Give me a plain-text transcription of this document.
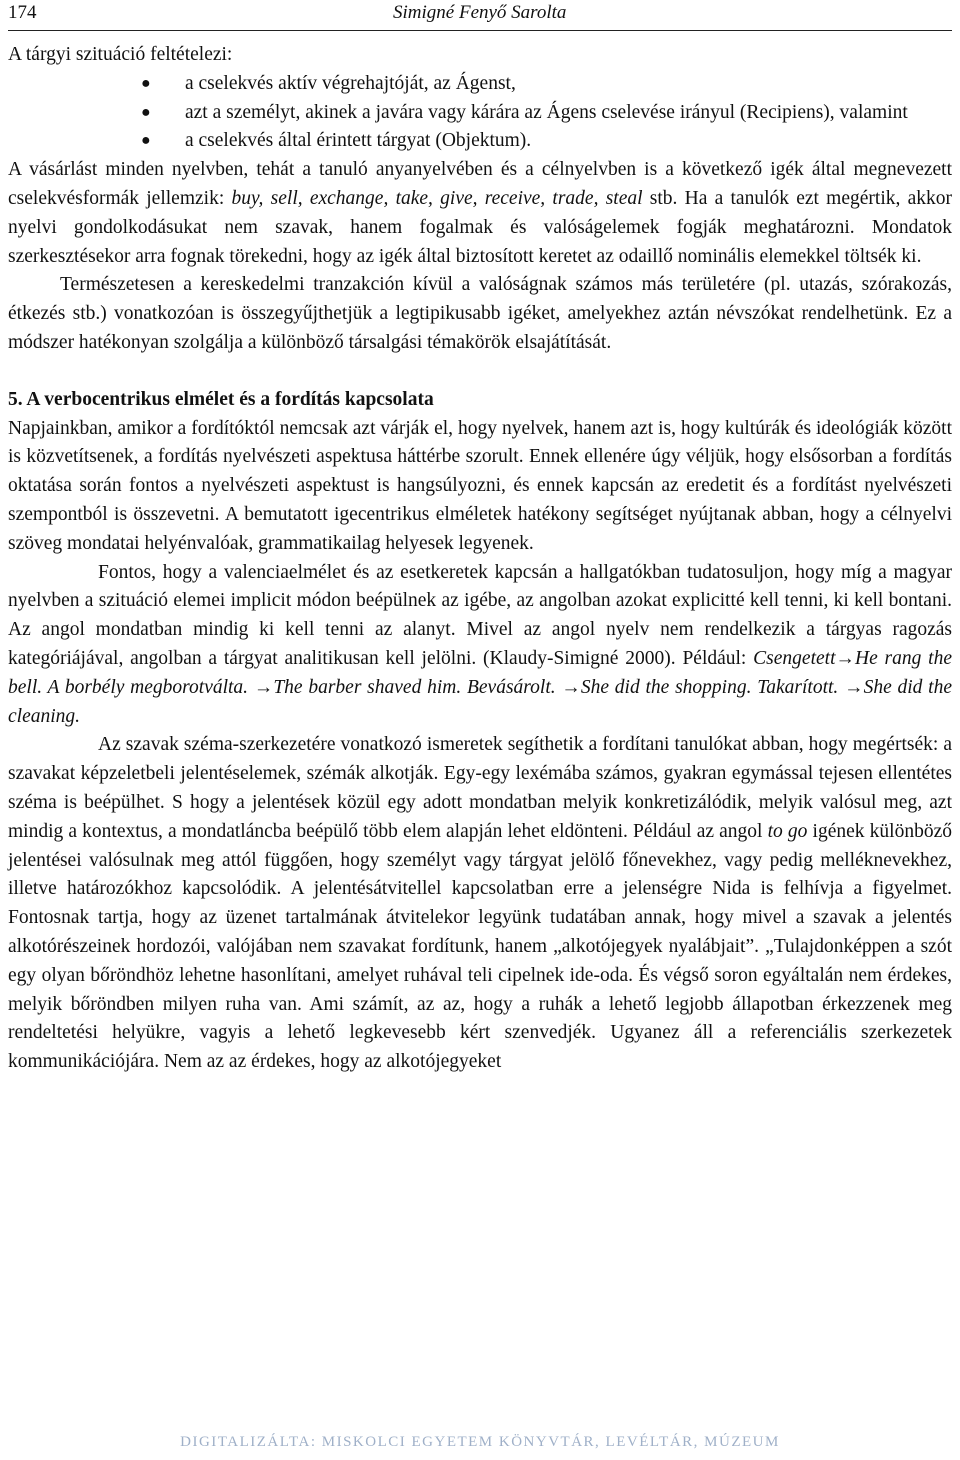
174	Simigné Fenyő Sarolta

A tárgyi szituáció feltételezi:

● a cselekvés aktív végrehajtóját, az Ágenst,
● azt a személyt, akinek a javára vagy kárára az Ágens cselevése irányul (Recipiens), valamint
● a cselekvés által érintett tárgyat (Objektum).

A vásárlást minden nyelvben, tehát a tanuló anyanyelvében és a célnyelvben is a következő igék által megnevezett cselekvésformák jellemzik: buy, sell, exchange, take, give, receive, trade, steal stb. Ha a tanulók ezt megértik, akkor nyelvi gondolkodásukat nem szavak, hanem fogalmak és valóságelemek fogják meghatározni. Mondatok szerkesztésekor arra fognak törekedni, hogy az igék által biztosított keretet az odaillő nominális elemekkel töltsék ki.

Természetesen a kereskedelmi tranzakción kívül a valóságnak számos más területére (pl. utazás, szórakozás, étkezés stb.) vonatkozóan is összegyűjthetjük a legtipikusabb igéket, amelyekhez aztán névszókat rendelhetünk. Ez a módszer hatékonyan szolgálja a különböző társalgási témakörök elsajátítását.

5. A verbocentrikus elmélet és a fordítás kapcsolata

Napjainkban, amikor a fordítóktól nemcsak azt várják el, hogy nyelvek, hanem azt is, hogy kultúrák és ideológiák között is közvetítsenek, a fordítás nyelvészeti aspektusa háttérbe szorult. Ennek ellenére úgy véljük, hogy elsősorban a fordítás oktatása során fontos a nyelvészeti aspektust is hangsúlyozni, és ennek kapcsán az eredetit és a fordítást nyelvészeti szempontból is összevetni. A bemutatott igecentrikus elméletek hatékony segítséget nyújtanak abban, hogy a célnyelvi szöveg mondatai helyénvalóak, grammatikailag helyesek legyenek.

Fontos, hogy a valenciaelmélet és az esetkeretek kapcsán a hallgatókban tudatosuljon, hogy míg a magyar nyelvben a szituáció elemei implicit módon beépülnek az igébe, az angolban azokat explicitté kell tenni, ki kell bontani. Az angol mondatban mindig ki kell tenni az alanyt. Mivel az angol nyelv nem rendelkezik a tárgyas ragozás kategóriájával, angolban a tárgyat analitikusan kell jelölni. (Klaudy-Simigné 2000). Például: Csengetett→He rang the bell. A borbély megborotválta. →The barber shaved him. Bevásárolt. →She did the shopping. Takarított. →She did the cleaning.

Az szavak széma-szerkezetére vonatkozó ismeretek segíthetik a fordítani tanulókat abban, hogy megértsék: a szavakat képzeletbeli jelentéselemek, szémák alkotják. Egy-egy lexémába számos, gyakran egymással tejesen ellentétes széma is beépülhet. S hogy a jelentések közül egy adott mondatban melyik konkretizálódik, melyik valósul meg, azt mindig a kontextus, a mondatláncba beépülő több elem alapján lehet eldönteni. Például az angol to go igének különböző jelentései valósulnak meg attól függően, hogy személyt vagy tárgyat jelölő főnevekhez, vagy pedig melléknevekhez, illetve határozókhoz kapcsolódik. A jelentésátvitellel kapcsolatban erre a jelenségre Nida is felhívja a figyelmet. Fontosnak tartja, hogy az üzenet tartalmának átvitelekor legyünk tudatában annak, hogy mivel a szavak a jelentés alkotórészeinek hordozói, valójában nem szavakat fordítunk, hanem „alkotójegyek nyalábjait”. „Tulajdonképpen a szót egy olyan bőröndhöz lehetne hasonlítani, amelyet ruhával teli cipelnek ide-oda. És végső soron egyáltalán nem érdekes, melyik bőröndben milyen ruha van. Ami számít, az az, hogy a ruhák a lehető legjobb állapotban érkezzenek meg rendeltetési helyükre, vagyis a lehető legkevesebb kért szenvedjék. Ugyanez áll a referenciális szerkezetek kommunikációjára. Nem az az érdekes, hogy az alkotójegyeket

DIGITALIZÁLTA: MISKOLCI EGYETEM KÖNYVTÁR, LEVÉLTÁR, MÚZEUM
